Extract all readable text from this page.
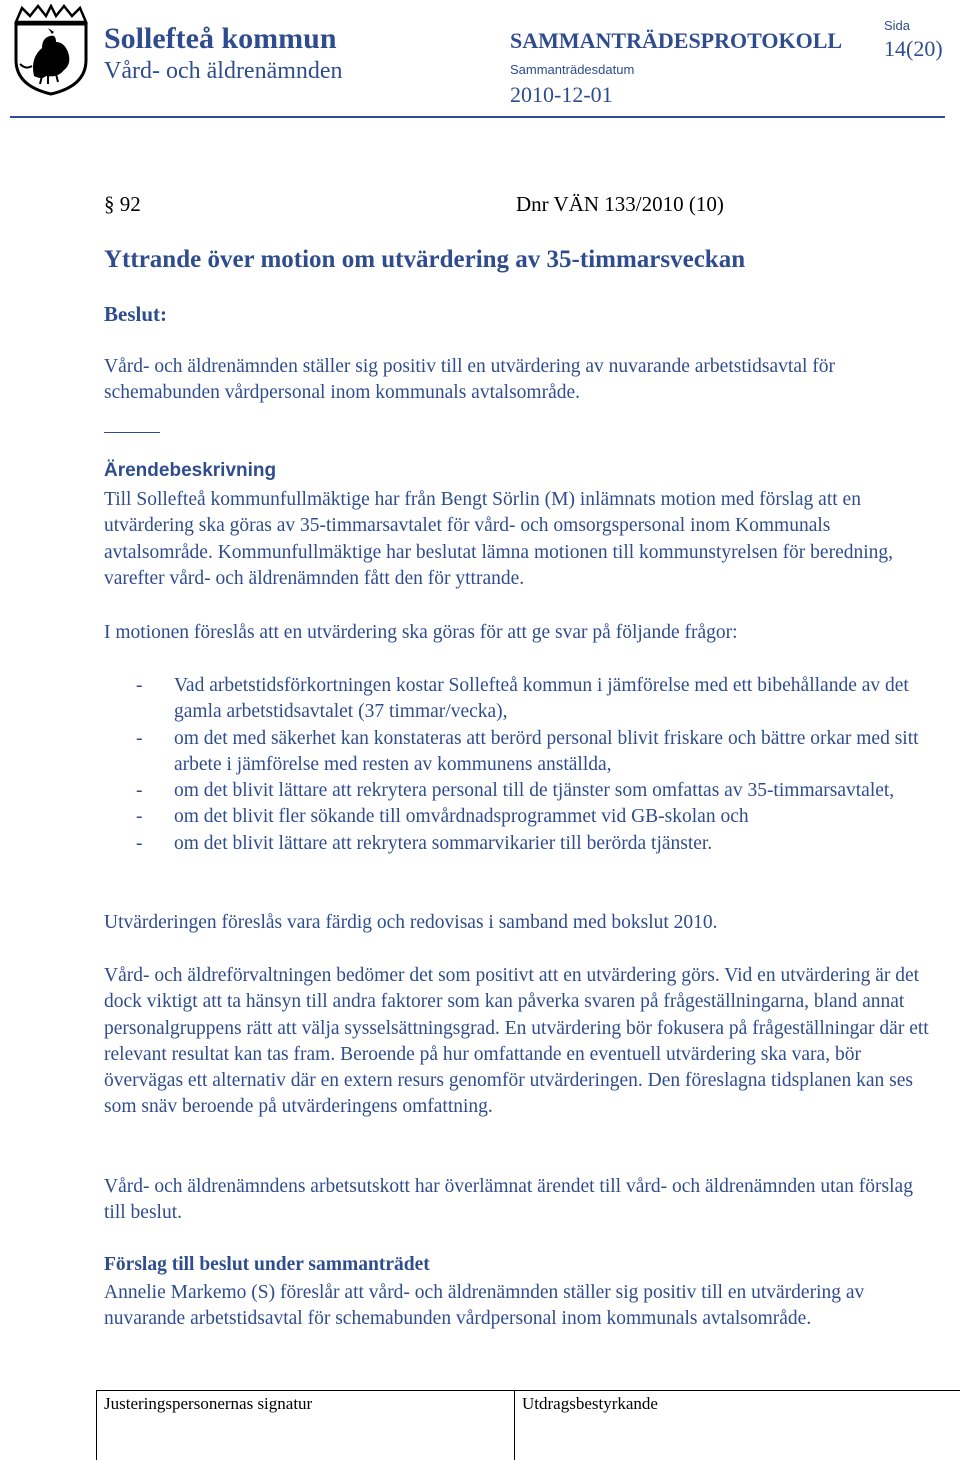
Sollefteå kommun
Vård- och äldrenämnden
SAMMANTRÄDESPROTOKOLL
Sammanträdesdatum
2010-12-01
Sida
14(20)
§ 92	Dnr VÄN 133/2010 (10)
Yttrande över motion om utvärdering av 35-timmarsveckan
Beslut:
Vård- och äldrenämnden ställer sig positiv till en utvärdering av nuvarande arbetstidsavtal för schemabunden vårdpersonal inom kommunals avtalsområde.
Ärendebeskrivning
Till Sollefteå kommunfullmäktige har från Bengt Sörlin (M) inlämnats motion med förslag att en utvärdering ska göras av 35-timmarsavtalet för vård- och omsorgspersonal inom Kommunals avtalsområde. Kommunfullmäktige har beslutat lämna motionen till kommunstyrelsen för beredning, varefter vård- och äldrenämnden fått den för yttrande.
I motionen föreslås att en utvärdering ska göras för att ge svar på följande frågor:
- Vad arbetstidsförkortningen kostar Sollefteå kommun i jämförelse med ett bibehållande av det gamla arbetstidsavtalet (37 timmar/vecka),
- om det med säkerhet kan konstateras att berörd personal blivit friskare och bättre orkar med sitt arbete i jämförelse med resten av kommunens anställda,
- om det blivit lättare att rekrytera personal till de tjänster som omfattas av 35-timmarsavtalet,
- om det blivit fler sökande till omvårdnadsprogrammet vid GB-skolan och
- om det blivit lättare att rekrytera sommarvikarier till berörda tjänster.
Utvärderingen föreslås vara färdig och redovisas i samband med bokslut 2010.
Vård- och äldreförvaltningen bedömer det som positivt att en utvärdering görs. Vid en utvärdering är det dock viktigt att ta hänsyn till andra faktorer som kan påverka svaren på frågeställningarna, bland annat personalgruppens rätt att välja sysselsättningsgrad. En utvärdering bör fokusera på frågeställningar där ett relevant resultat kan tas fram. Beroende på hur omfattande en eventuell utvärdering ska vara, bör övervägas ett alternativ där en extern resurs genomför utvärderingen. Den föreslagna tidsplanen kan ses som snäv beroende på utvärderingens omfattning.
Vård- och äldrenämndens arbetsutskott har överlämnat ärendet till vård- och äldrenämnden utan förslag till beslut.
Förslag till beslut under sammanträdet
Annelie Markemo (S) föreslår att vård- och äldrenämnden ställer sig positiv till en utvärdering av nuvarande arbetstidsavtal för schemabunden vårdpersonal inom kommunals avtalsområde.
Justeringspersonernas signatur	Utdragsbestyrkande
